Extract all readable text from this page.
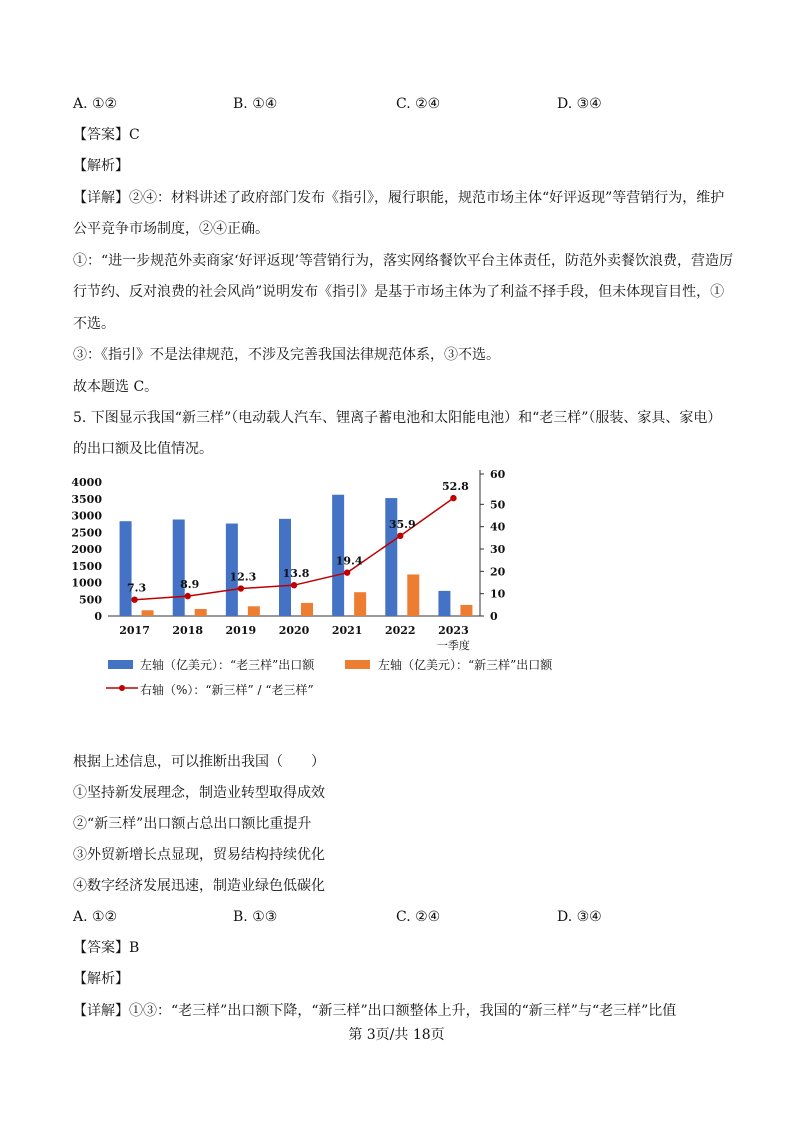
A. ①②	B. ①④	C. ②④	D. ③④
【答案】C
【解析】
【详解】②④：材料讲述了政府部门发布《指引》，履行职能，规范市场主体“好评返现”等营销行为，维护
公平竞争市场制度，②④正确。
①：“进一步规范外卖商家‘好评返现’等营销行为，落实网络餐饮平台主体责任，防范外卖餐饮浪费，营造厉
行节约、反对浪费的社会风尚”说明发布《指引》是基于市场主体为了利益不择手段，但未体现盲目性，①
不选。
③：《指引》不是法律规范，不涉及完善我国法律规范体系，③不选。
故本题选 C。
5. 下图显示我国“新三样”（电动载人汽车、锂离子蓄电池和太阳能电池）和“老三样”（服装、家具、家电）
的出口额及比值情况。
0
500
1000
1500
2000
2500
3000
3500
4000
0
10
20
30
40
50
60
2017 2018 2019 2020 2021 2022 2023
一季度
7.3	8.9
12.3 13.8
19.4
35.9
52.8
左轴（亿美元）：“老三样”出口额	左轴（亿美元）：“新三样”出口额
右轴（%）：“新三样” / “老三样”
根据上述信息，可以推断出我国（　　）
①坚持新发展理念，制造业转型取得成效
②“新三样”出口额占总出口额比重提升
③外贸新增长点显现，贸易结构持续优化
④数字经济发展迅速，制造业绿色低碳化
A. ①②	B. ①③	C. ②④	D. ③④
【答案】B
【解析】
【详解】①③：“老三样”出口额下降，“新三样”出口额整体上升，我国的“新三样”与“老三样”比值
第 3页/共 18页
